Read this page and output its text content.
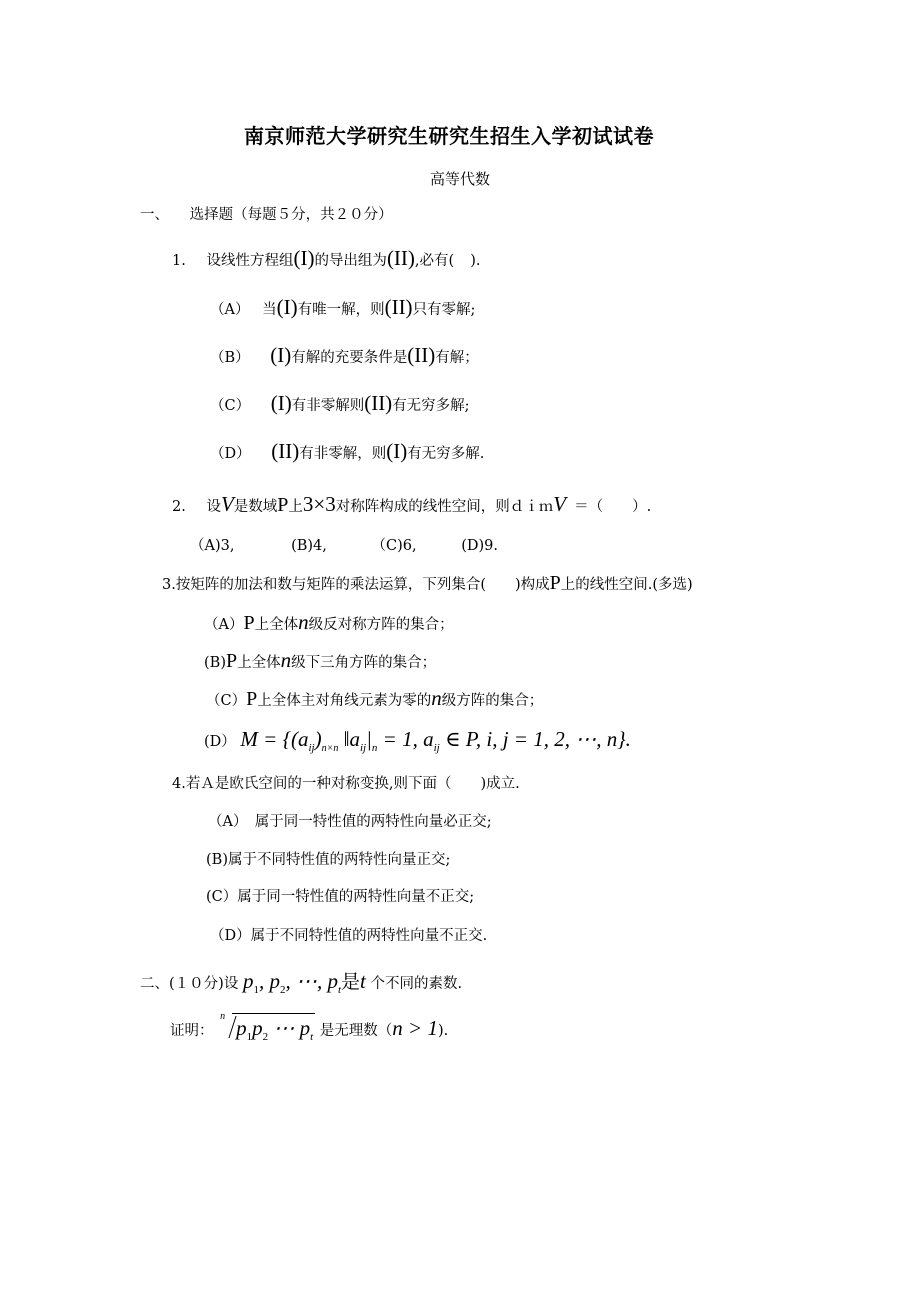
南京师范大学研究生研究生招生入学初试试卷
高等代数
一、 选择题（每题５分，共２０分）
1. 设线性方程组(I)的导出组为(II),必有( ).
（A） 当(I)有唯一解，则(II)只有零解;
（B） (I)有解的充要条件是(II)有解；
（C） (I)有非零解则(II)有无穷多解;
（D） (II)有非零解，则(I)有无穷多解.
2. 设V是数域P上3×3对称阵构成的线性空间，则ｄｉｍV ＝（　　）.
（A)3,	(B)4,	（C)6,	(D)9.
3.按矩阵的加法和数与矩阵的乘法运算，下列集合(　　)构成P上的线性空间.(多选)
（A）P上全体n级反对称方阵的集合；
(B)P上全体n级下三角方阵的集合；
（C）P上全体主对角线元素为零的n级方阵的集合；
(D） $M = \{(a_{ij})_{n\times n}$ $‖a_{ij}|_n = 1$, $a_{ij}$ ∈ P, i, j = 1, 2, ⋯, n}.
4.若Ａ是欧氏空间的一种对称变换,则下面（　　)成立.
（A）　属于同一特性值的两特性向量必正交;
(B)属于不同特性值的两特性向量正交;
(C）属于同一特性值的两特性向量不正交;
（D）属于不同特性值的两特性向量不正交.
二、(１０分)设 $p_1$, $p_2$, ⋯, $p_t$是t 个不同的素数.
证明：
n $p_1p_2$ ⋯ $p_t$ 是无理数（n > 1).
